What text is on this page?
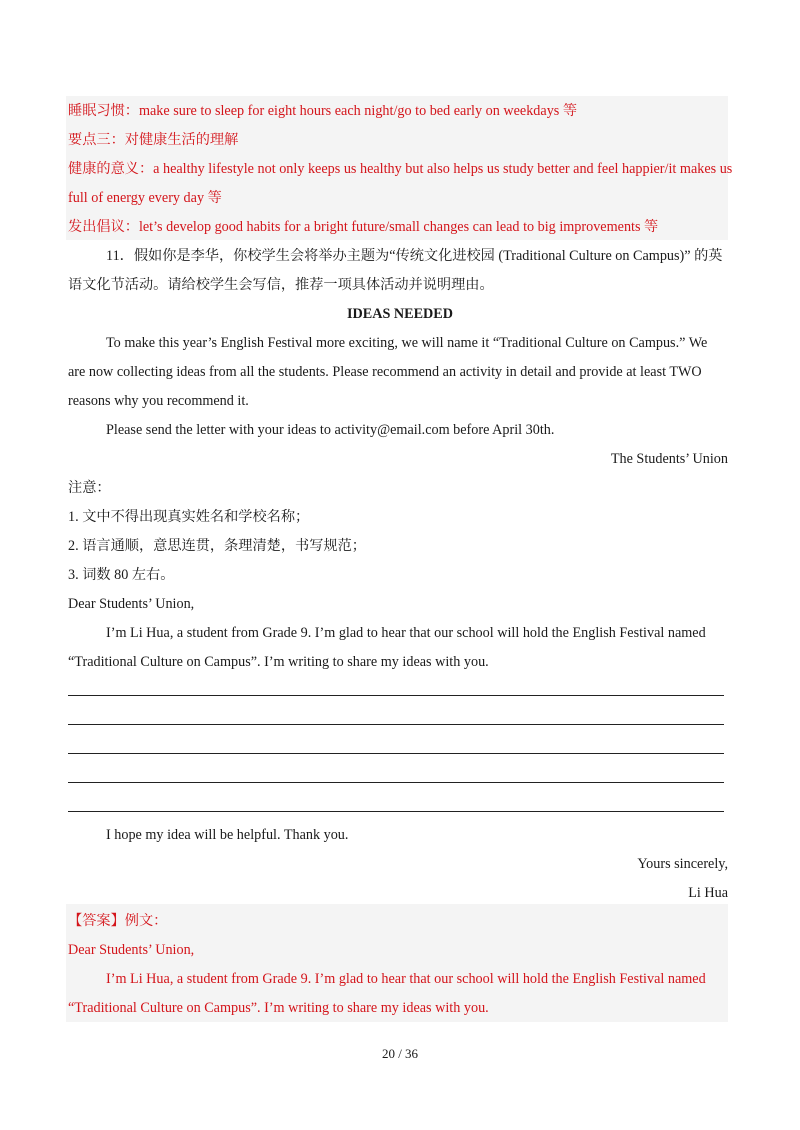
睡眠习惯：make sure to sleep for eight hours each night/go to bed early on weekdays 等
要点三：对健康生活的理解
健康的意义：a healthy lifestyle not only keeps us healthy but also helps us study better and feel happier/it makes us
full of energy every day 等
发出倡议：let’s develop good habits for a bright future/small changes can lead to big improvements 等
11．假如你是李华，你校学生会将举办主题为“传统文化进校园 (Traditional Culture on Campus)” 的英
语文化节活动。请给校学生会写信，推荐一项具体活动并说明理由。
IDEAS NEEDED
To make this year’s English Festival more exciting, we will name it “Traditional Culture on Campus.” We
are now collecting ideas from all the students. Please recommend an activity in detail and provide at least TWO
reasons why you recommend it.
Please send the letter with your ideas to activity@email.com before April 30th.
The Students’ Union
注意：
1. 文中不得出现真实姓名和学校名称；
2. 语言通顺，意思连贯，条理清楚，书写规范；
3. 词数 80 左右。
Dear Students’ Union,
I’m Li Hua, a student from Grade 9. I’m glad to hear that our school will hold the English Festival named
“Traditional Culture on Campus”. I’m writing to share my ideas with you.
I hope my idea will be helpful. Thank you.
Yours sincerely,
Li Hua
【答案】例文：
Dear Students’ Union,
I’m Li Hua, a student from Grade 9. I’m glad to hear that our school will hold the English Festival named
“Traditional Culture on Campus”. I’m writing to share my ideas with you.
20 / 36
